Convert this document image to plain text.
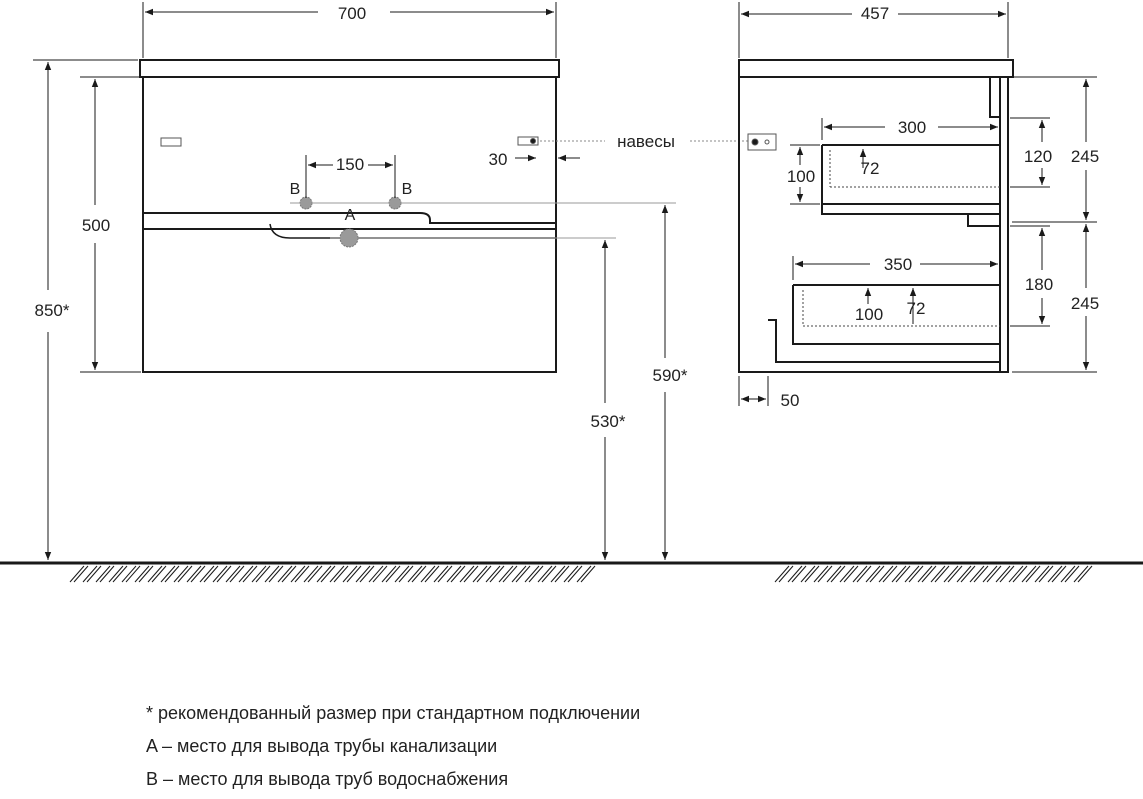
700
850*
500
150	30
590*
530*
B	B
A
навесы
457
300
100	72
120 245
350
180
245
100 72
50
* рекомендованный размер при стандартном подключении
A – место для вывода трубы канализации
B – место для вывода труб водоснабжения
